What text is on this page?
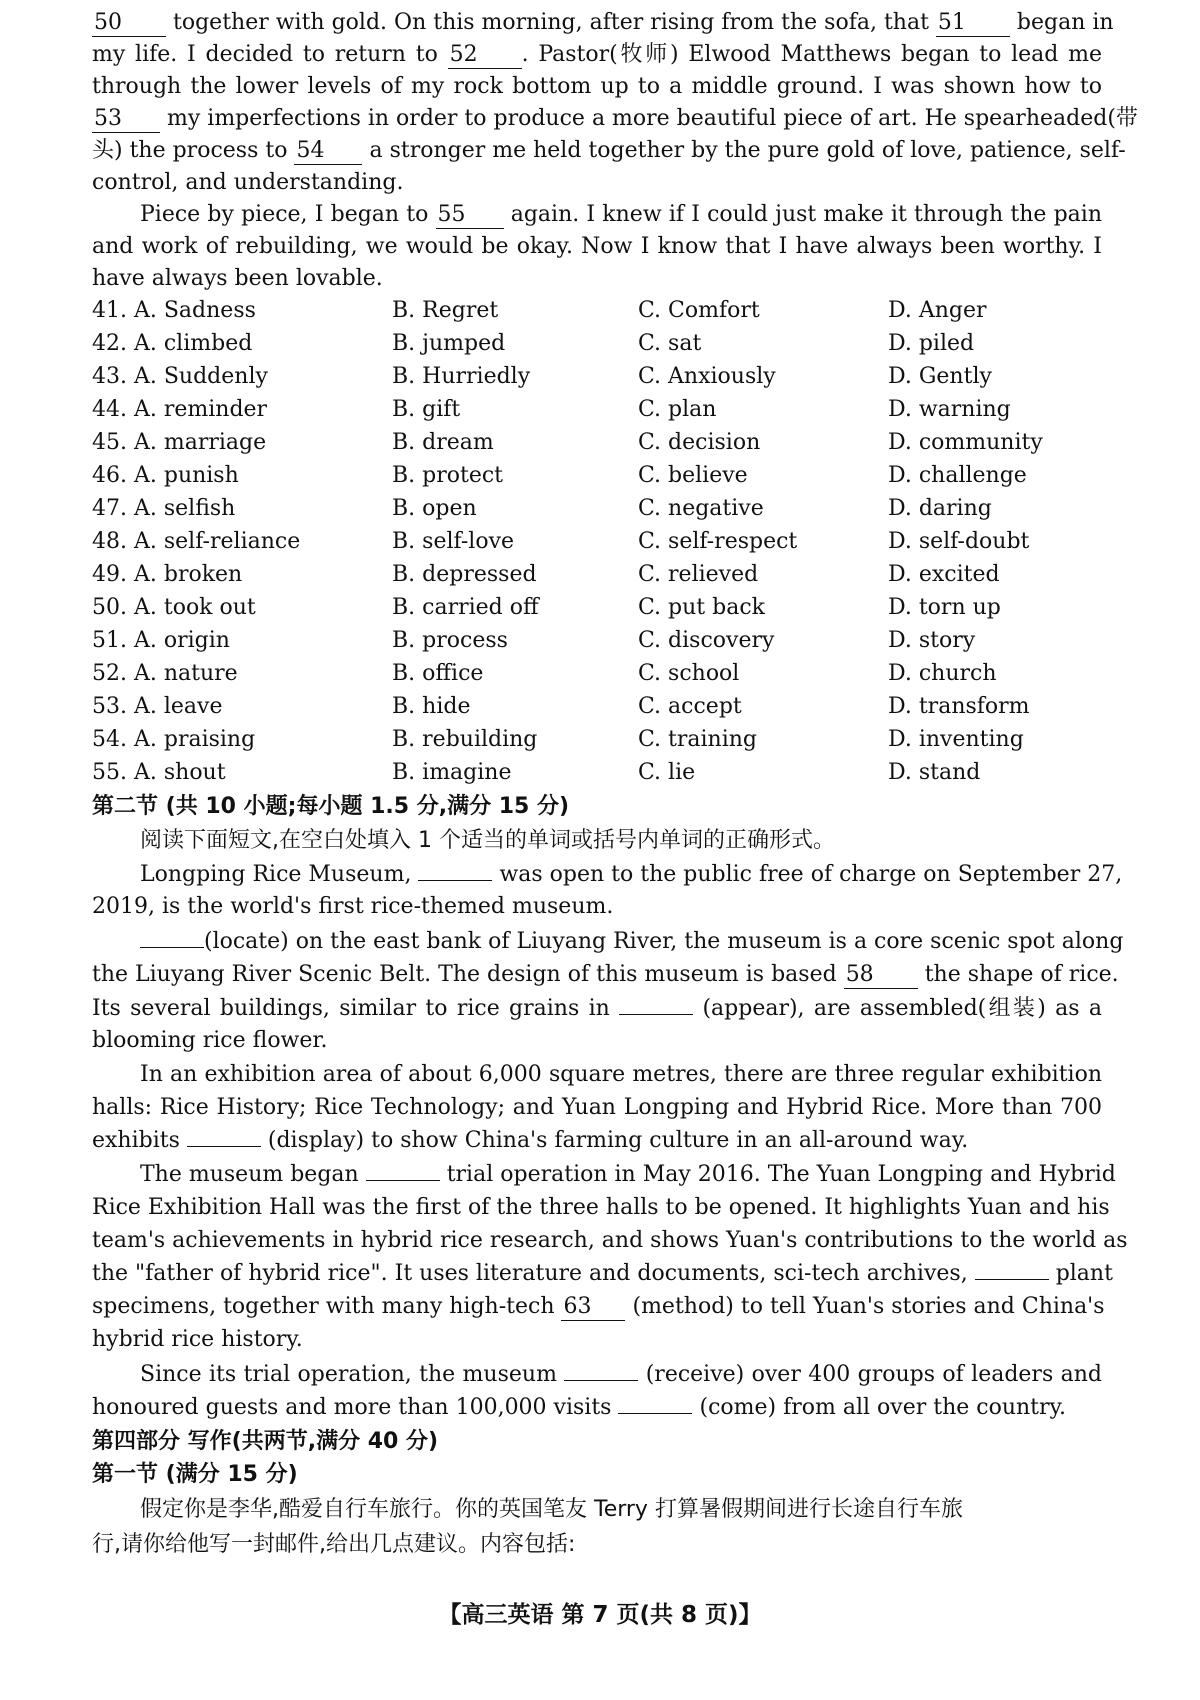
50 together with gold. On this morning, after rising from the sofa, that 51 began in
my life. I decided to return to 52 . Pastor(牧师) Elwood Matthews began to lead me
through the lower levels of my rock bottom up to a middle ground. I was shown how to
53 my imperfections in order to produce a more beautiful piece of art. He spearheaded(带
头) the process to 54 a stronger me held together by the pure gold of love, patience, self-
control, and understanding.
Piece by piece, I began to 55 again. I knew if I could just make it through the pain
and work of rebuilding, we would be okay. Now I know that I have always been worthy. I
have always been lovable.
41. A. Sadness	B. Regret	C. Comfort	D. Anger
42. A. climbed	B. jumped	C. sat	D. piled
43. A. Suddenly	B. Hurriedly	C. Anxiously	D. Gently
44. A. reminder	B. gift	C. plan	D. warning
45. A. marriage	B. dream	C. decision	D. community
46. A. punish	B. protect	C. believe	D. challenge
47. A. selfish	B. open	C. negative	D. daring
48. A. self-reliance	B. self-love	C. self-respect	D. self-doubt
49. A. broken	B. depressed	C. relieved	D. excited
50. A. took out	B. carried off	C. put back	D. torn up
51. A. origin	B. process	C. discovery	D. story
52. A. nature	B. office	C. school	D. church
53. A. leave	B. hide	C. accept	D. transform
54. A. praising	B. rebuilding	C. training	D. inventing
55. A. shout	B. imagine	C. lie	D. stand
第二节 (共 10 小题;每小题 1.5 分,满分 15 分)
阅读下面短文,在空白处填入 1 个适当的单词或括号内单词的正确形式。
Longping Rice Museum,	was open to the public free of charge on September 27,
2019, is the world's first rice-themed museum.
(locate) on the east bank of Liuyang River, the museum is a core scenic spot along
the Liuyang River Scenic Belt. The design of this museum is based 58 the shape of rice.
Its several buildings, similar to rice grains in	(appear), are assembled(组装) as a
blooming rice flower.
In an exhibition area of about 6,000 square metres, there are three regular exhibition
halls: Rice History; Rice Technology; and Yuan Longping and Hybrid Rice. More than 700
exhibits	(display) to show China's farming culture in an all-around way.
The museum began	trial operation in May 2016. The Yuan Longping and Hybrid
Rice Exhibition Hall was the first of the three halls to be opened. It highlights Yuan and his
team's achievements in hybrid rice research, and shows Yuan's contributions to the world as
the "father of hybrid rice". It uses literature and documents, sci-tech archives,	plant
specimens, together with many high-tech 63 (method) to tell Yuan's stories and China's
hybrid rice history.
Since its trial operation, the museum	(receive) over 400 groups of leaders and
honoured guests and more than 100,000 visits	(come) from all over the country.
第四部分 写作(共两节,满分 40 分)
第一节 (满分 15 分)
假定你是李华,酷爱自行车旅行。你的英国笔友 Terry 打算暑假期间进行长途自行车旅
行,请你给他写一封邮件,给出几点建议。内容包括:
【高三英语 第 7 页(共 8 页)】
